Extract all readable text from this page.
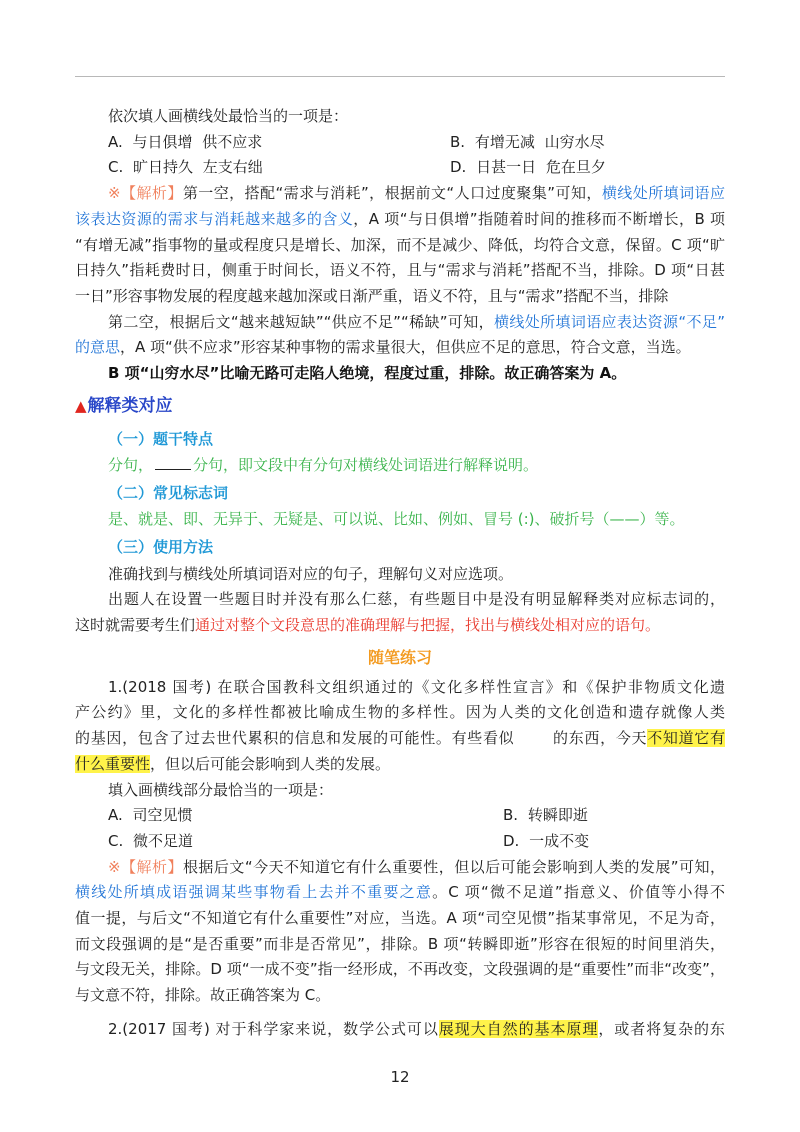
依次填人画横线处最恰当的一项是：
A. 与日俱增 供不应求	B. 有增无减 山穷水尽
C. 旷日持久 左支右绌	D. 日甚一日 危在旦夕
※【解析】第一空，搭配“需求与消耗”，根据前文“人口过度聚集”可知，横线处所填词语应
该表达资源的需求与消耗越来越多的含义，A 项“与日俱增”指随着时间的推移而不断增长，B 项
“有增无减”指事物的量或程度只是增长、加深，而不是减少、降低，均符合文意，保留。C 项“旷
日持久”指耗费时日，侧重于时间长，语义不符，且与“需求与消耗”搭配不当，排除。D 项“日甚
一日”形容事物发展的程度越来越加深或日渐严重，语义不符，且与“需求”搭配不当，排除
第二空，根据后文“越来越短缺”“供应不足”“稀缺”可知，横线处所填词语应表达资源“不足”
的意思，A 项“供不应求”形容某种事物的需求量很大，但供应不足的意思，符合文意，当选。
B 项“山穷水尽”比喻无路可走陷人绝境，程度过重，排除。故正确答案为 A。
▲解释类对应
（一）题干特点
分句，	分句，即文段中有分句对横线处词语进行解释说明。
（二）常见标志词
是、就是、即、无异于、无疑是、可以说、比如、例如、冒号 (:)、破折号（——）等。
（三）使用方法
准确找到与横线处所填词语对应的句子，理解句义对应选项。
出题人在设置一些题目时并没有那么仁慈，有些题目中是没有明显解释类对应标志词的，
这时就需要考生们通过对整个文段意思的准确理解与把握，找出与横线处相对应的语句。
随笔练习
1.(2018 国考) 在联合国教科文组织通过的《文化多样性宣言》和《保护非物质文化遗
产公约》里，文化的多样性都被比喻成生物的多样性。因为人类的文化创造和遗存就像人类
的基因，包含了过去世代累积的信息和发展的可能性。有些看似	的东西，今天不知道它有
什么重要性，但以后可能会影响到人类的发展。
填入画横线部分最恰当的一项是：
A. 司空见惯	B. 转瞬即逝
C. 微不足道	D. 一成不变
※【解析】根据后文“今天不知道它有什么重要性，但以后可能会影响到人类的发展”可知，
横线处所填成语强调某些事物看上去并不重要之意。C 项“微不足道”指意义、价值等小得不
值一提，与后文“不知道它有什么重要性”对应，当选。A 项“司空见惯”指某事常见，不足为奇，
而文段强调的是“是否重要”而非是否常见”，排除。B 项“转瞬即逝”形容在很短的时间里消失，
与文段无关，排除。D 项“一成不变”指一经形成，不再改变，文段强调的是“重要性”而非“改变”，
与文意不符，排除。故正确答案为 C。
2.(2017 国考) 对于科学家来说，数学公式可以展现大自然的基本原理，或者将复杂的东
12
